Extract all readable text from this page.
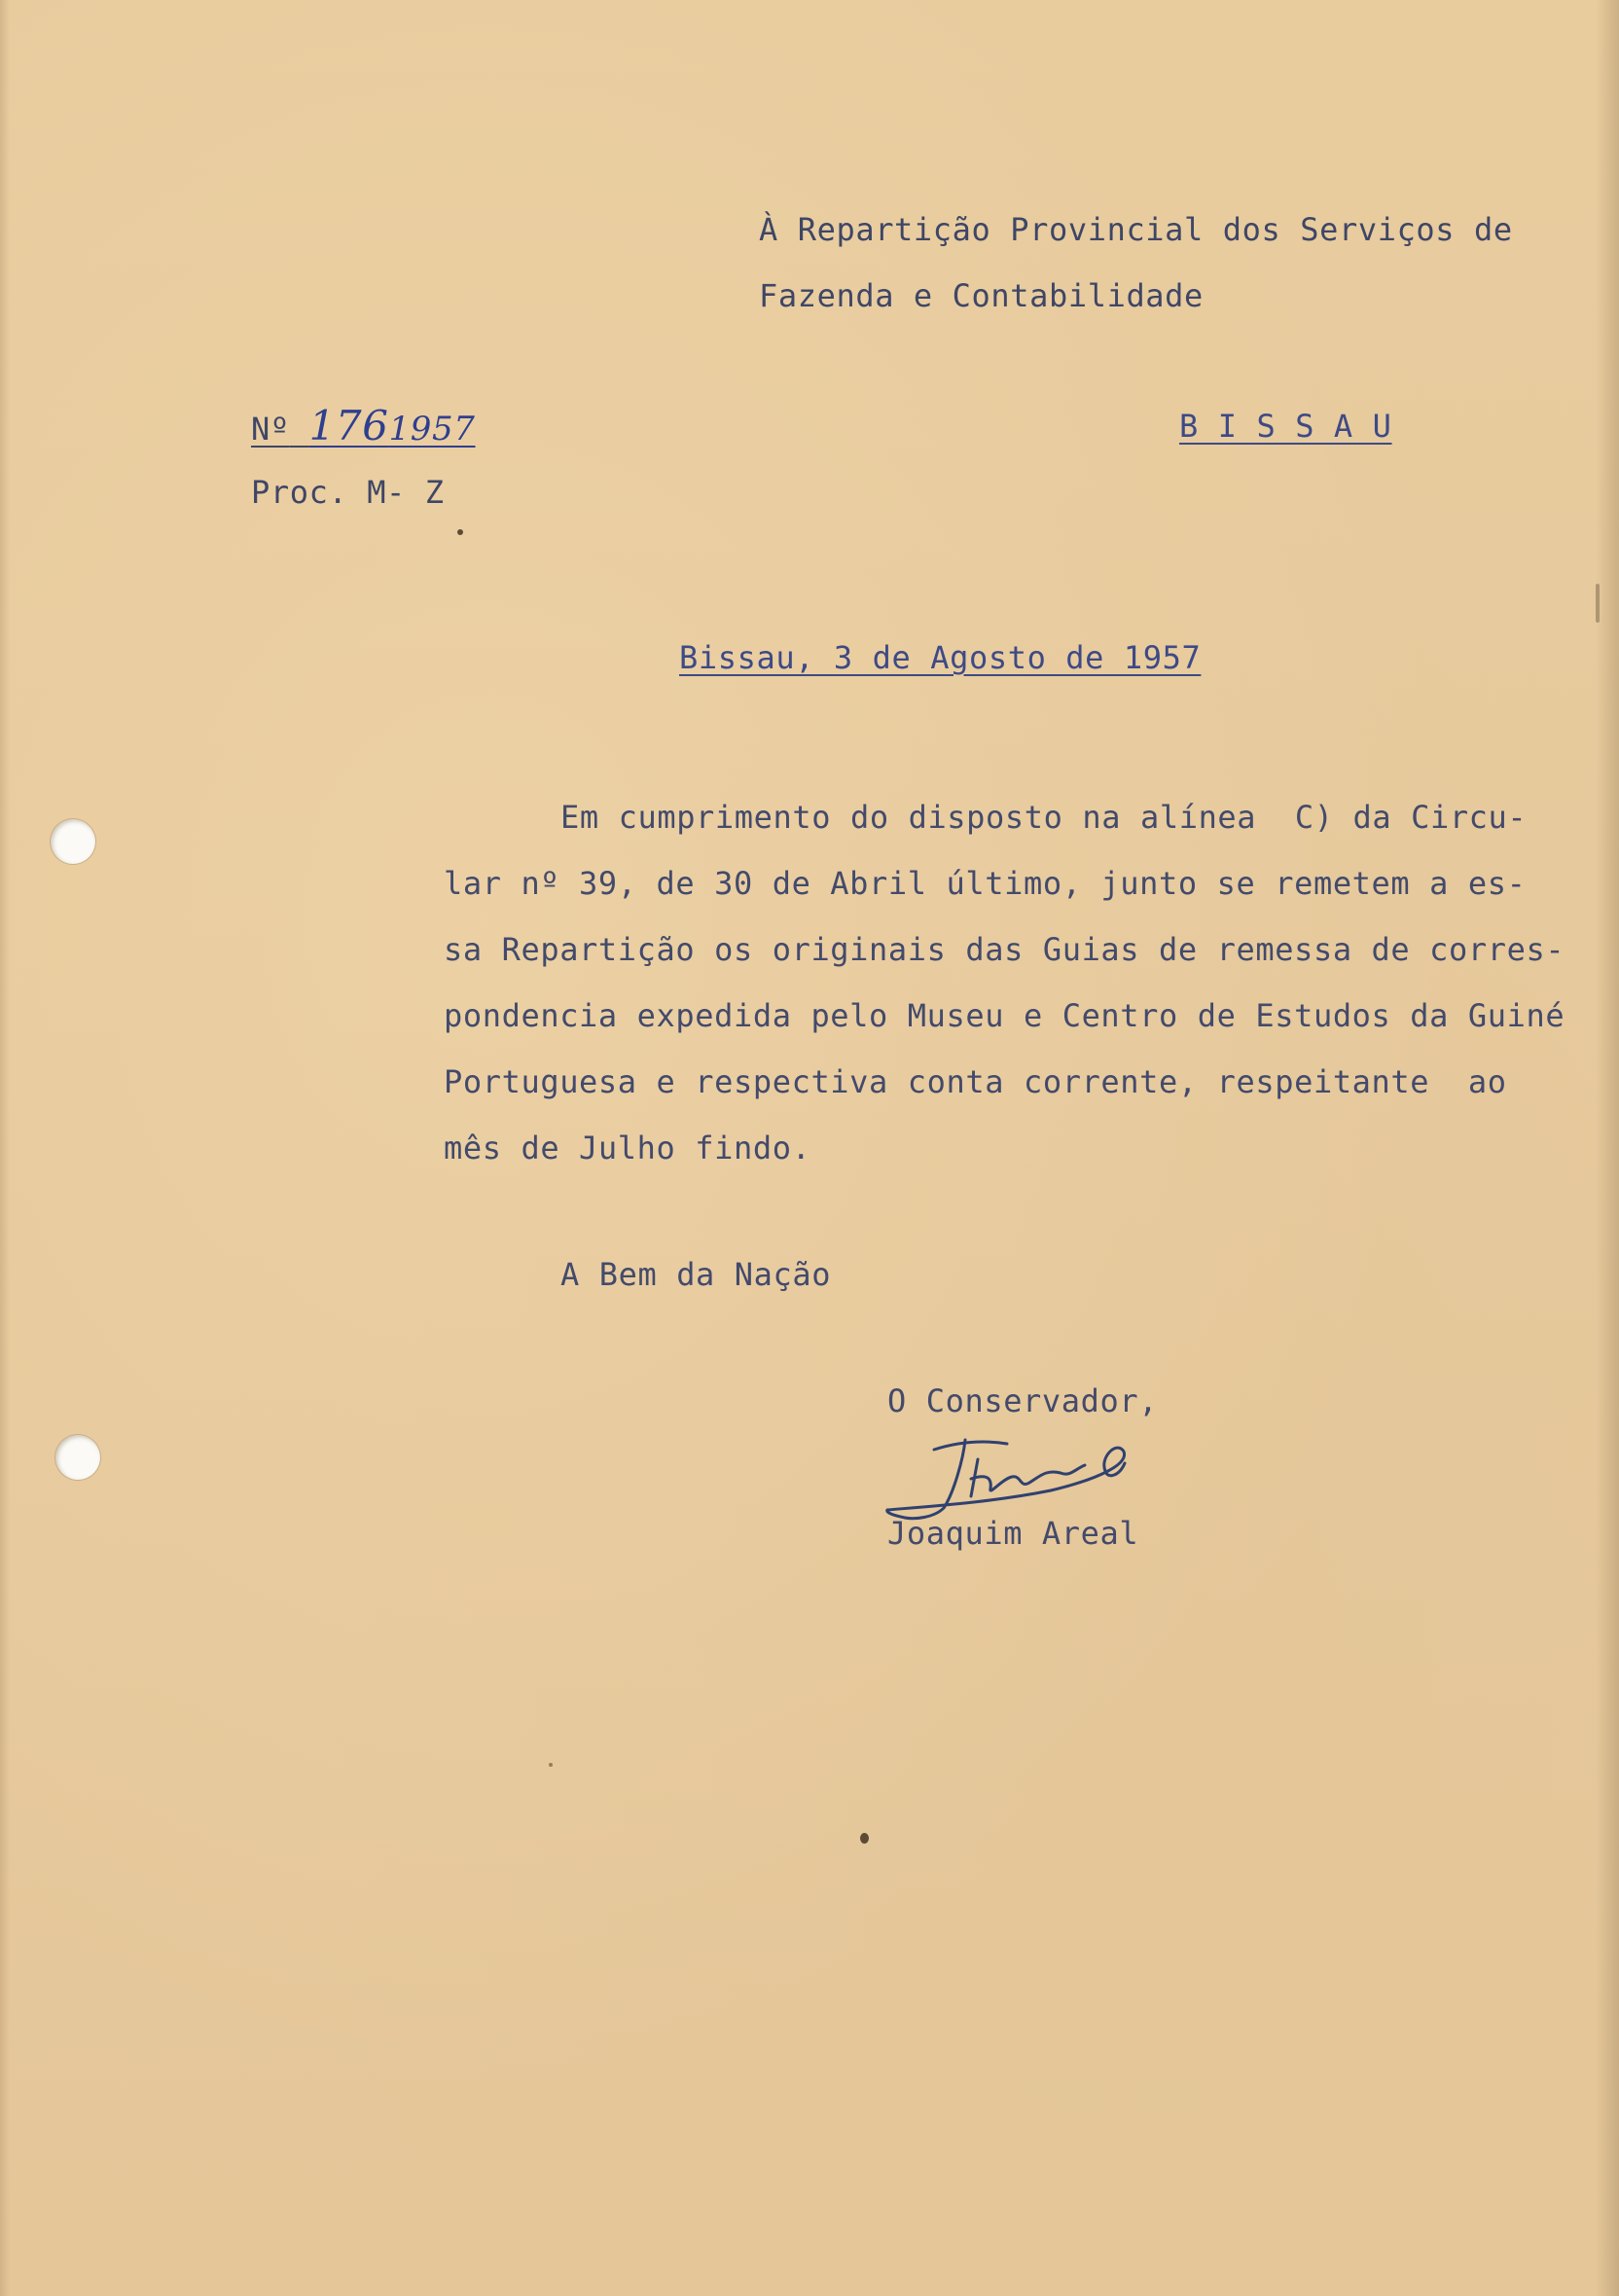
À Repartição Provincial dos Serviços de
Fazenda e Contabilidade
Nº 1761957	B I S S A U
Proc. M- Z
Bissau, 3 de Agosto de 1957
Em cumprimento do disposto na alínea  C) da Circu-
lar nº 39, de 30 de Abril último, junto se remetem a es-
sa Repartição os originais das Guias de remessa de corres-
pondencia expedida pelo Museu e Centro de Estudos da Guiné
Portuguesa e respectiva conta corrente, respeitante  ao
mês de Julho findo.
A Bem da Nação
O Conservador,
Joaquim Areal
